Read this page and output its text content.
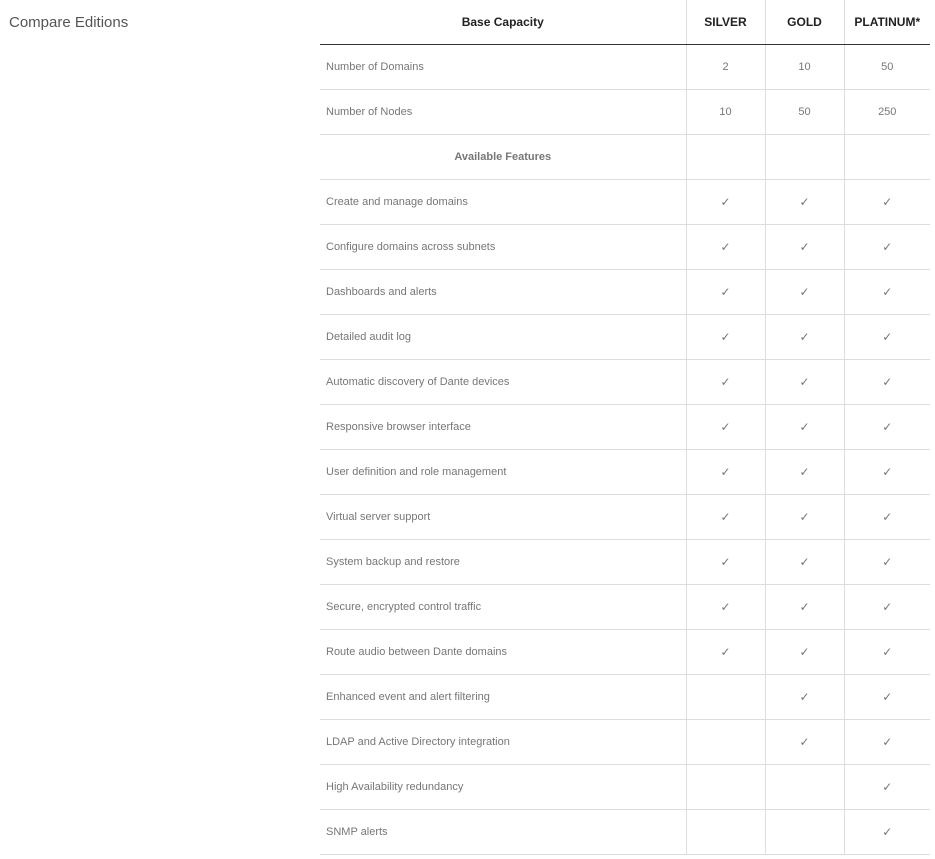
Compare Editions	Base Capacity	SILVER	GOLD	PLATINUM*
Number of Domains	2	10	50
Number of Nodes	10	50	250
Available Features			
Create and manage domains	✓	✓	✓
Configure domains across subnets	✓	✓	✓
Dashboards and alerts	✓	✓	✓
Detailed audit log	✓	✓	✓
Automatic discovery of Dante devices	✓	✓	✓
Responsive browser interface	✓	✓	✓
User definition and role management	✓	✓	✓
Virtual server support	✓	✓	✓
System backup and restore	✓	✓	✓
Secure, encrypted control traffic	✓	✓	✓
Route audio between Dante domains	✓	✓	✓
Enhanced event and alert filtering		✓	✓
LDAP and Active Directory integration		✓	✓
High Availability redundancy			✓
SNMP alerts			✓
